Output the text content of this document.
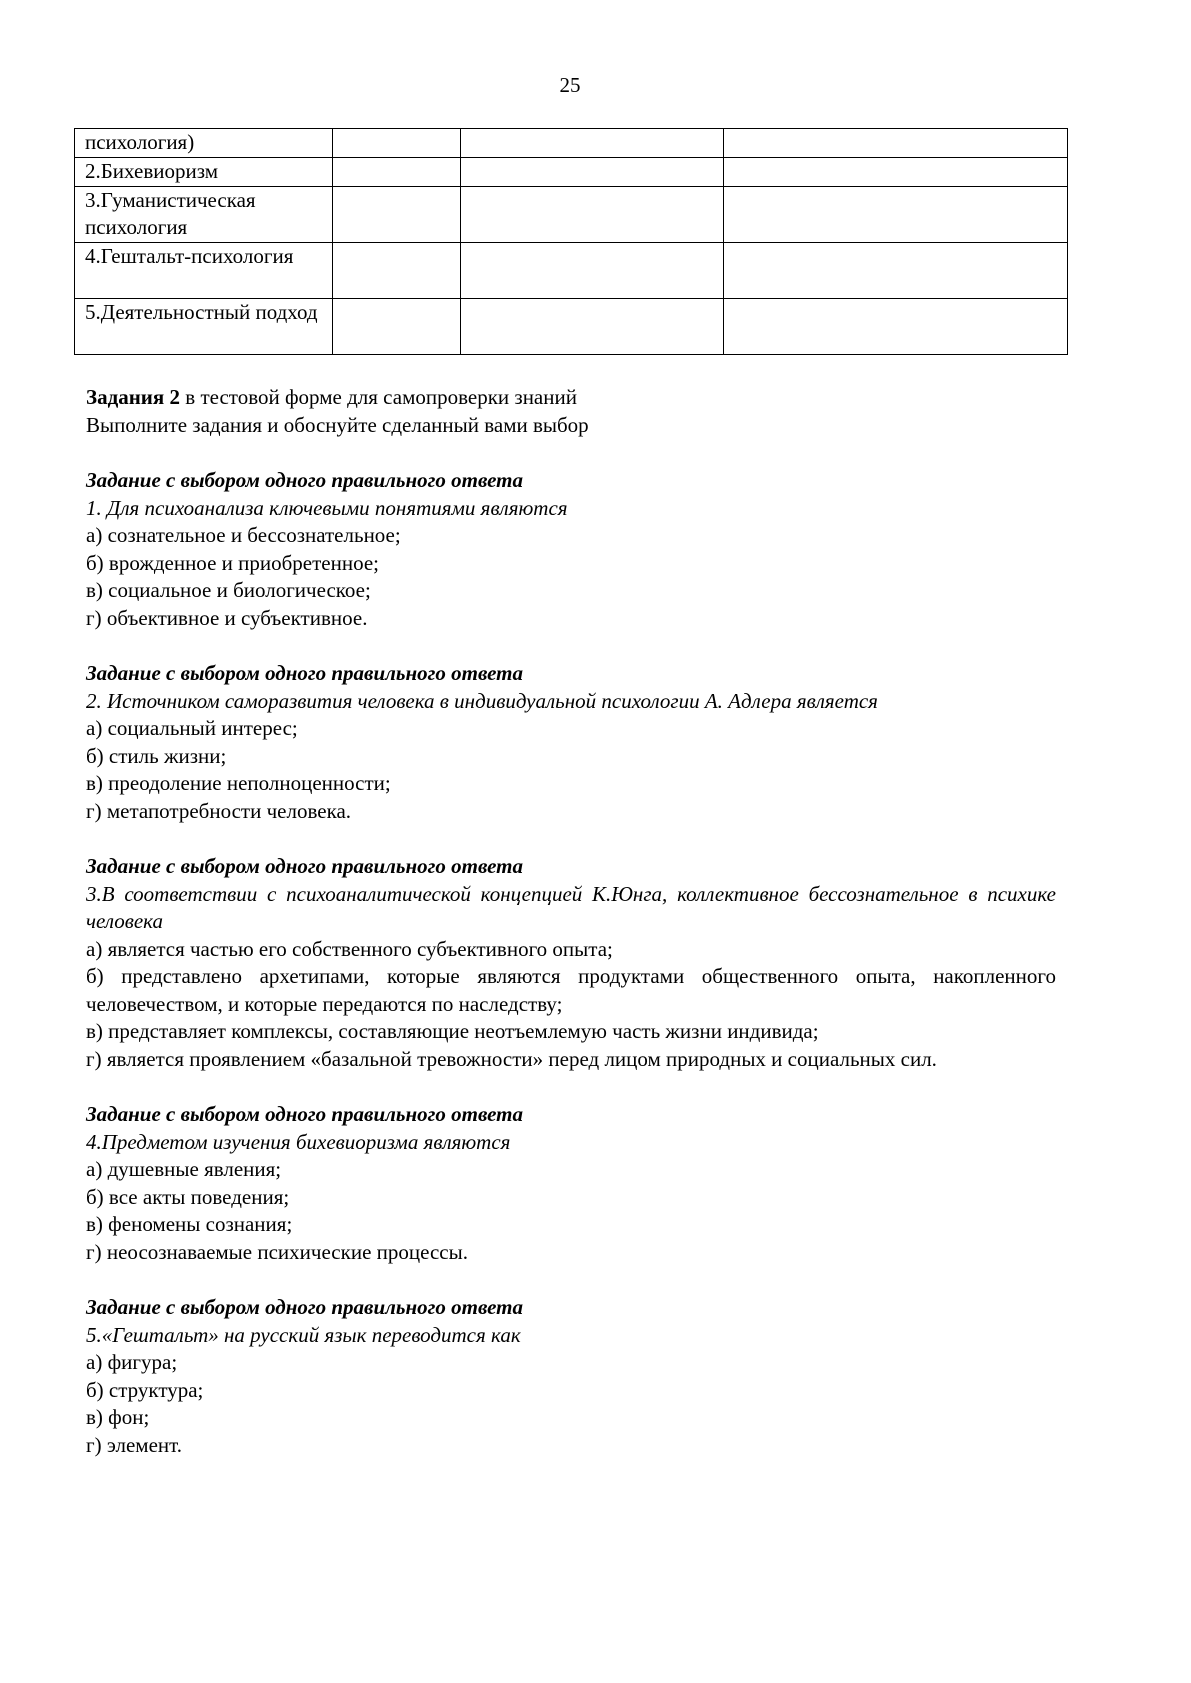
25
психология)			
2.Бихевиоризм			
3.Гуманистическая психология			
4.Гештальт-психология			
5.Деятельностный подход			

Задания 2 в тестовой форме для самопроверки знаний

Выполните задания и обоснуйте сделанный вами выбор

Задание с выбором одного правильного ответа

1. Для психоанализа ключевыми понятиями являются

а) сознательное и бессознательное;

б) врожденное и приобретенное;

в) социальное и биологическое;

г) объективное и субъективное.

Задание с выбором одного правильного ответа

2. Источником саморазвития человека в индивидуальной психологии А. Адлера является

а) социальный интерес;

б) стиль жизни;

в) преодоление неполноценности;

г) метапотребности человека.

Задание с выбором одного правильного ответа

3.В соответствии с психоаналитической концепцией К.Юнга, коллективное бессознательное в психике человека

а) является частью его собственного субъективного опыта;

б) представлено архетипами, которые являются продуктами общественного опыта, накопленного человечеством, и которые передаются по наследству;

в) представляет комплексы, составляющие неотъемлемую часть жизни индивида;

г) является проявлением «базальной тревожности» перед лицом природных и социальных сил.

Задание с выбором одного правильного ответа

4.Предметом изучения бихевиоризма являются

а) душевные явления;

б) все акты поведения;

в) феномены сознания;

г) неосознаваемые психические процессы.

Задание с выбором одного правильного ответа

5.«Гештальт» на русский язык переводится как

а) фигура;

б) структура;

в) фон;

г) элемент.
